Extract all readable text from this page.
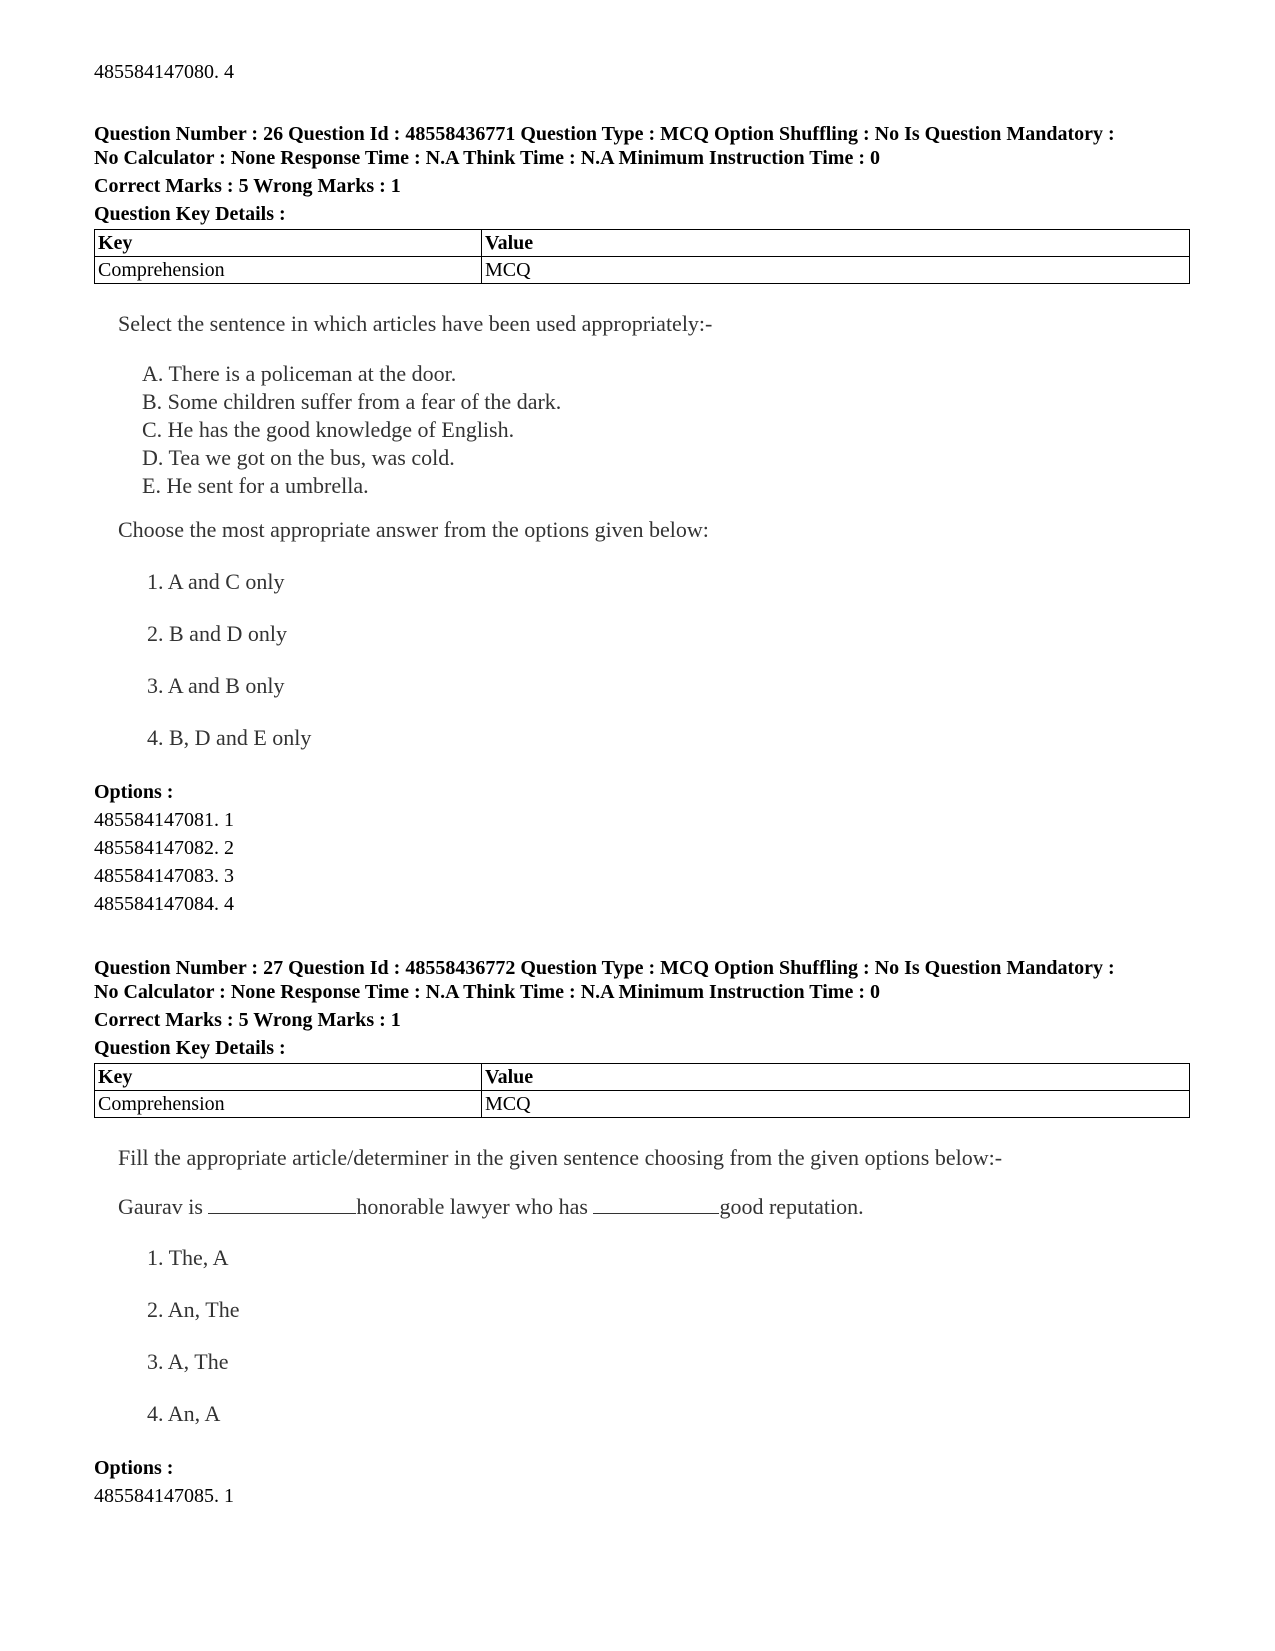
485584147080. 4
Question Number : 26 Question Id : 48558436771 Question Type : MCQ Option Shuffling : No Is Question Mandatory :
No Calculator : None Response Time : N.A Think Time : N.A Minimum Instruction Time : 0
Correct Marks : 5 Wrong Marks : 1
Question Key Details :
Key	Value
Comprehension	MCQ
Select the sentence in which articles have been used appropriately:-
A. There is a policeman at the door.
B. Some children suffer from a fear of the dark.
C. He has the good knowledge of English.
D. Tea we got on the bus, was cold.
E. He sent for a umbrella.
Choose the most appropriate answer from the options given below:
1. A and C only
2. B and D only
3. A and B only
4. B, D and E only
Options :
485584147081. 1
485584147082. 2
485584147083. 3
485584147084. 4
Question Number : 27 Question Id : 48558436772 Question Type : MCQ Option Shuffling : No Is Question Mandatory :
No Calculator : None Response Time : N.A Think Time : N.A Minimum Instruction Time : 0
Correct Marks : 5 Wrong Marks : 1
Question Key Details :
Key	Value
Comprehension	MCQ
Fill the appropriate article/determiner in the given sentence choosing from the given options below:-
Gaurav is	honorable lawyer who has	good reputation.
1. The, A
2. An, The
3. A, The
4. An, A
Options :
485584147085. 1
